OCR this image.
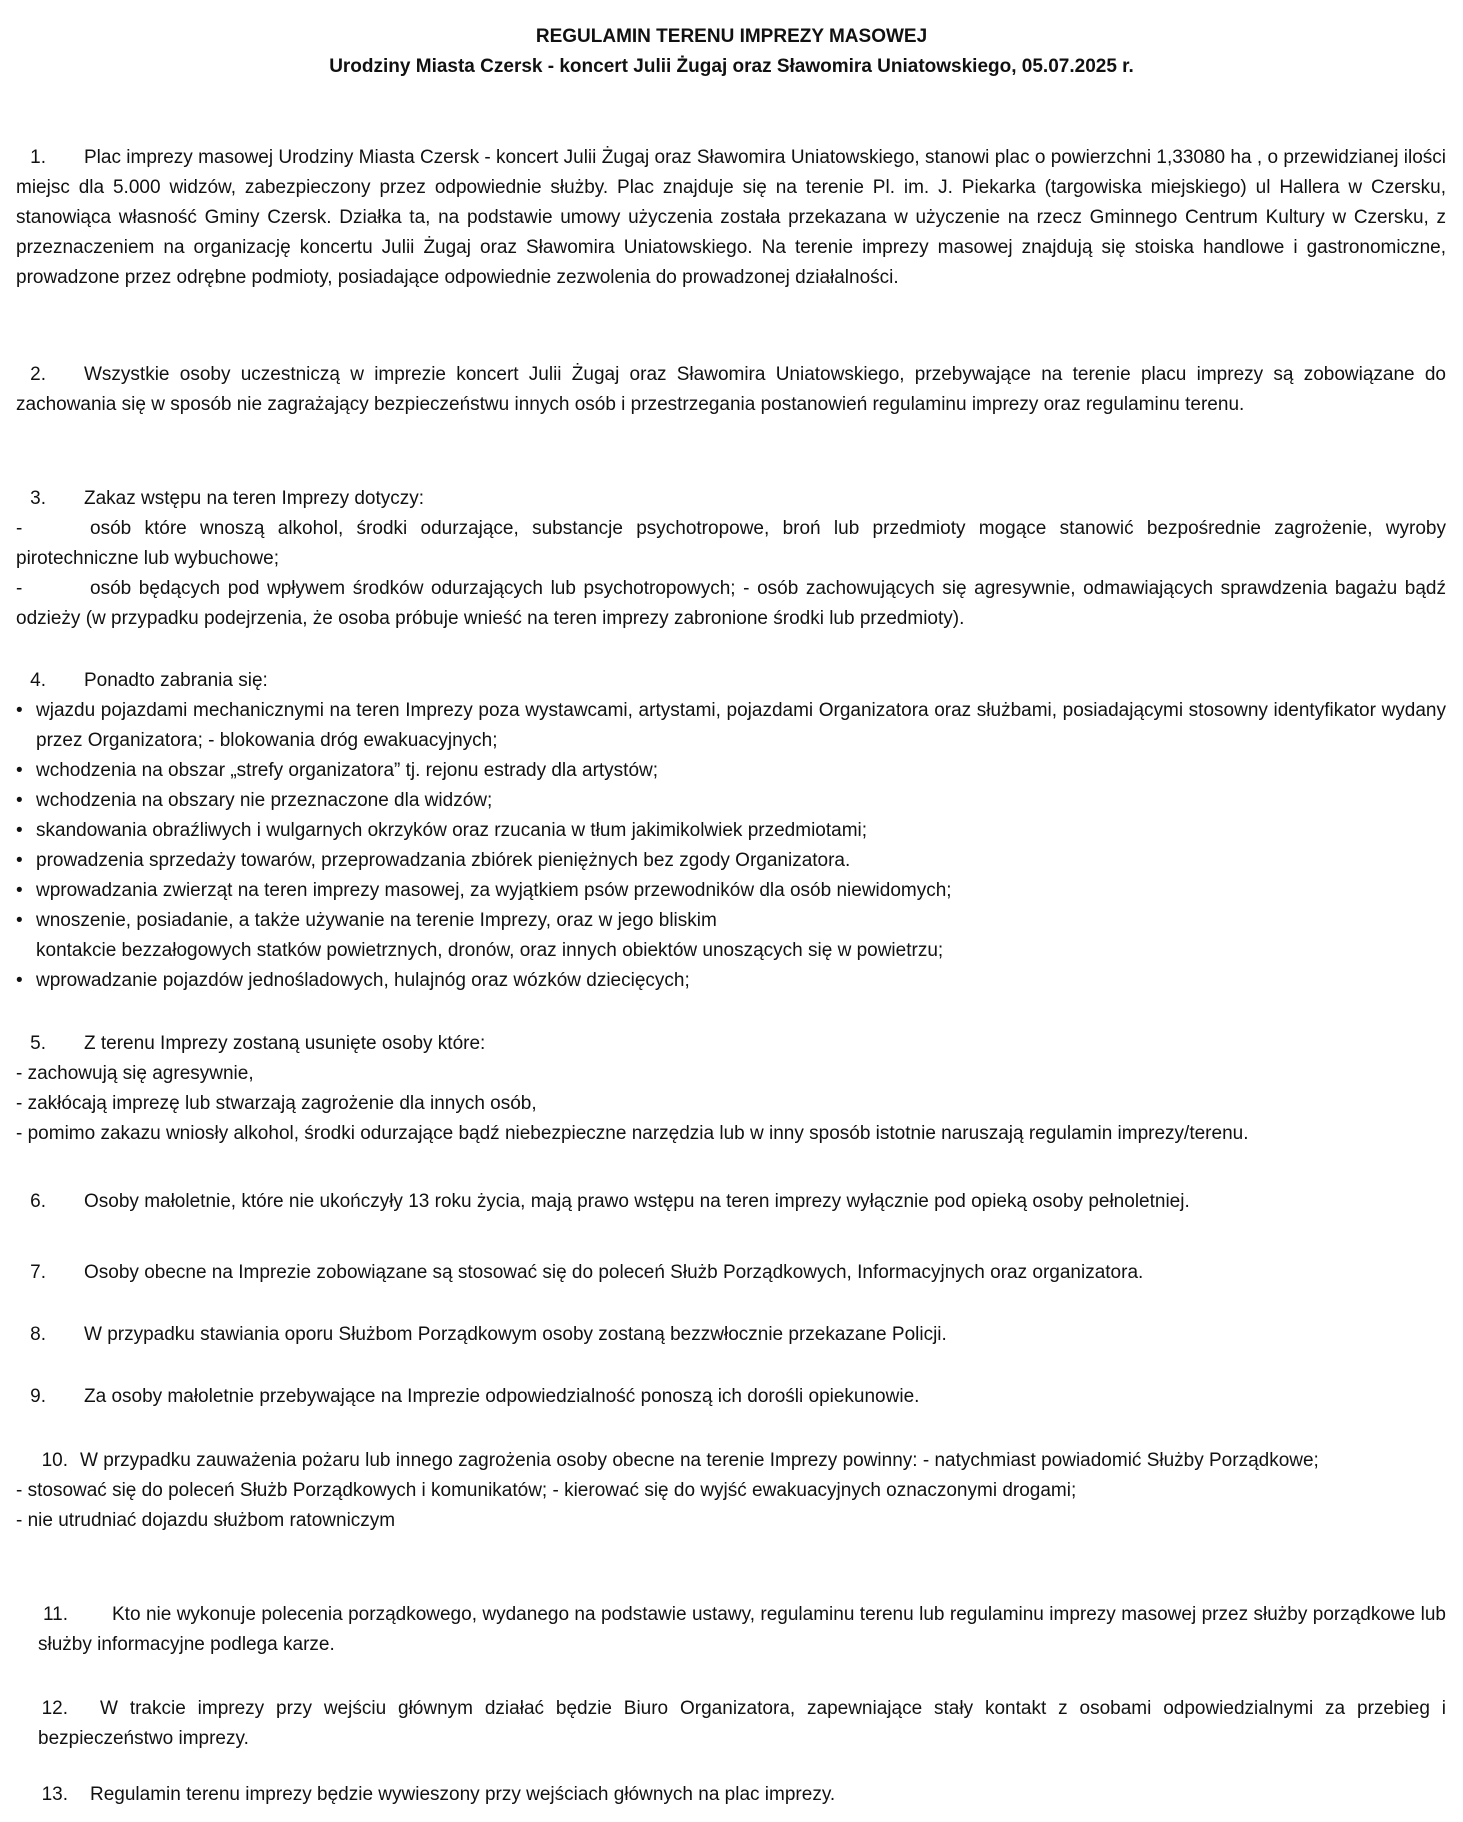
REGULAMIN TERENU IMPREZY MASOWEJ
Urodziny Miasta Czersk - koncert Julii Żugaj oraz Sławomira Uniatowskiego, 05.07.2025 r.

1. Plac imprezy masowej Urodziny Miasta Czersk - koncert Julii Żugaj oraz Sławomira Uniatowskiego, stanowi plac o powierzchni 1,33080 ha , o przewidzianej ilości miejsc dla 5.000 widzów, zabezpieczony przez odpowiednie służby. Plac znajduje się na terenie Pl. im. J. Piekarka (targowiska miejskiego) ul Hallera w Czersku, stanowiąca własność Gminy Czersk. Działka ta, na podstawie umowy użyczenia została przekazana w użyczenie na rzecz Gminnego Centrum Kultury w Czersku, z przeznaczeniem na organizację koncertu Julii Żugaj oraz Sławomira Uniatowskiego. Na terenie imprezy masowej znajdują się stoiska handlowe i gastronomiczne, prowadzone przez odrębne podmioty, posiadające odpowiednie zezwolenia do prowadzonej działalności.

2. Wszystkie osoby uczestniczą w imprezie koncert Julii Żugaj oraz Sławomira Uniatowskiego, przebywające na terenie placu imprezy są zobowiązane do zachowania się w sposób nie zagrażający bezpieczeństwu innych osób i przestrzegania postanowień regulaminu imprezy oraz regulaminu terenu.

3. Zakaz wstępu na teren Imprezy dotyczy:
-	osób które wnoszą alkohol, środki odurzające, substancje psychotropowe, broń lub przedmioty mogące stanowić bezpośrednie zagrożenie, wyroby pirotechniczne lub wybuchowe;
-	osób będących pod wpływem środków odurzających lub psychotropowych; ‐ osób zachowujących się agresywnie, odmawiających sprawdzenia bagażu bądź odzieży (w przypadku podejrzenia, że osoba próbuje wnieść na teren imprezy zabronione środki lub przedmioty).
4. Ponadto zabrania się:
• wjazdu pojazdami mechanicznymi na teren Imprezy poza wystawcami, artystami, pojazdami Organizatora oraz służbami, posiadającymi stosowny identyfikator wydany przez Organizatora; - blokowania dróg ewakuacyjnych;
• wchodzenia na obszar „strefy organizatora” tj. rejonu estrady dla artystów;
• wchodzenia na obszary nie przeznaczone dla widzów;
• skandowania obraźliwych i wulgarnych okrzyków oraz rzucania w tłum jakimikolwiek przedmiotami;
• prowadzenia sprzedaży towarów, przeprowadzania zbiórek pieniężnych bez zgody Organizatora.
• wprowadzania zwierząt na teren imprezy masowej, za wyjątkiem psów przewodników dla osób niewidomych;
• wnoszenie, posiadanie, a także używanie na terenie Imprezy, oraz w jego bliskim
kontakcie bezzałogowych statków powietrznych, dronów, oraz innych obiektów unoszących się w powietrzu;
• wprowadzanie pojazdów jednośladowych, hulajnóg oraz wózków dziecięcych;
5. Z terenu Imprezy zostaną usunięte osoby które:
- zachowują się agresywnie,
- zakłócają imprezę lub stwarzają zagrożenie dla innych osób,
- pomimo zakazu wniosły alkohol, środki odurzające bądź niebezpieczne narzędzia lub w inny sposób istotnie naruszają regulamin imprezy/terenu.

6. Osoby małoletnie, które nie ukończyły 13 roku życia, mają prawo wstępu na teren imprezy wyłącznie pod opieką osoby pełnoletniej.

7. Osoby obecne na Imprezie zobowiązane są stosować się do poleceń Służb Porządkowych, Informacyjnych oraz organizatora.

8. W przypadku stawiania oporu Służbom Porządkowym osoby zostaną bezzwłocznie przekazane Policji.

9. Za osoby małoletnie przebywające na Imprezie odpowiedzialność ponoszą ich dorośli opiekunowie.

10. W przypadku zauważenia pożaru lub innego zagrożenia osoby obecne na terenie Imprezy powinny: - natychmiast powiadomić Służby Porządkowe;
- stosować się do poleceń Służb Porządkowych i komunikatów; ‐ kierować się do wyjść ewakuacyjnych oznaczonymi drogami;
- nie utrudniać dojazdu służbom ratowniczym

11. Kto nie wykonuje polecenia porządkowego, wydanego na podstawie ustawy, regulaminu terenu lub regulaminu imprezy masowej przez służby porządkowe lub służby informacyjne podlega karze.

12. W trakcie imprezy przy wejściu głównym działać będzie Biuro Organizatora, zapewniające stały kontakt z osobami odpowiedzialnymi za przebieg i bezpieczeństwo imprezy.

13. Regulamin terenu imprezy będzie wywieszony przy wejściach głównych na plac imprezy.
